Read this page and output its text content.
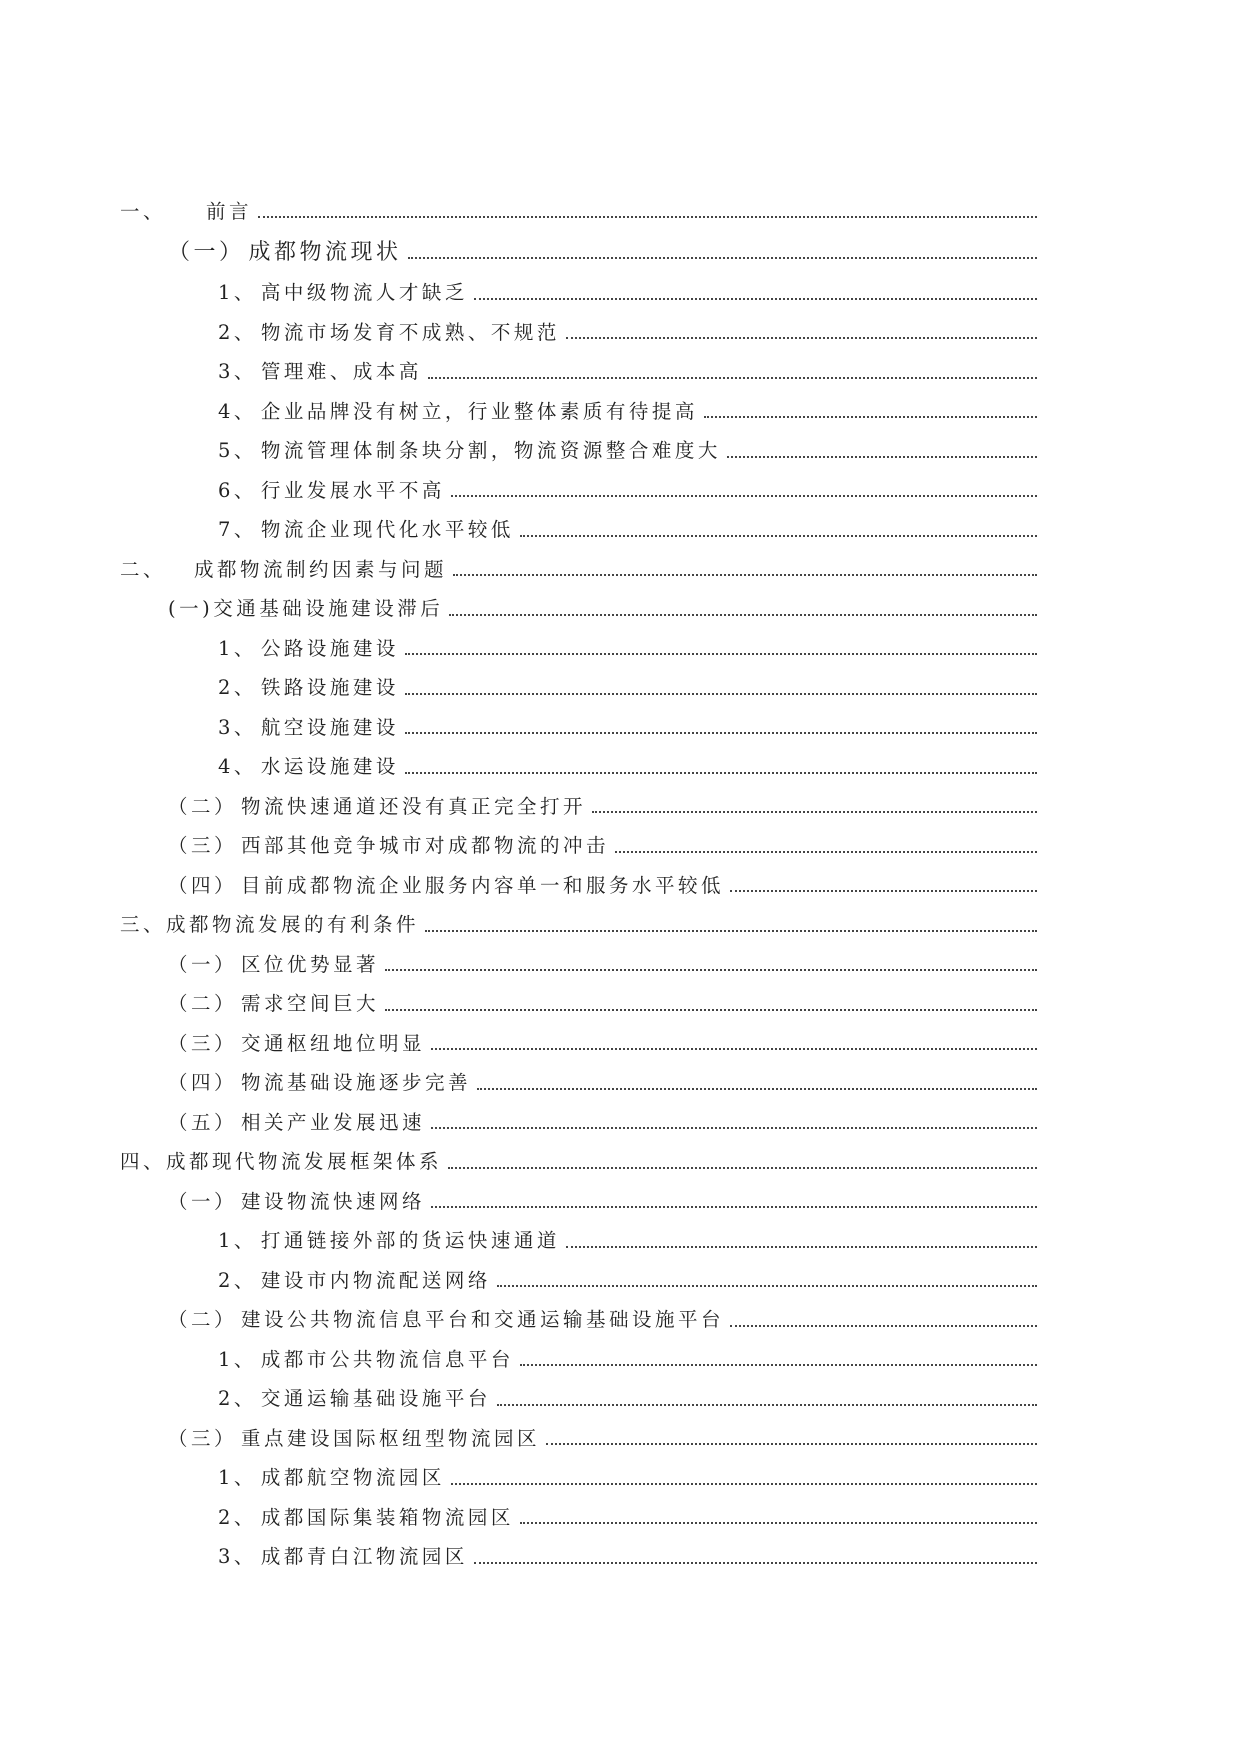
一、 前言
（一） 成都物流现状
1、 高中级物流人才缺乏
2、 物流市场发育不成熟、不规范
3、 管理难、成本高
4、 企业品牌没有树立，行业整体素质有待提高
5、 物流管理体制条块分割，物流资源整合难度大
6、 行业发展水平不高
7、 物流企业现代化水平较低
二、 成都物流制约因素与问题
(一)交通基础设施建设滞后
1、 公路设施建设
2、 铁路设施建设
3、 航空设施建设
4、 水运设施建设
（二） 物流快速通道还没有真正完全打开
（三） 西部其他竞争城市对成都物流的冲击
（四） 目前成都物流企业服务内容单一和服务水平较低
三、成都物流发展的有利条件
（一） 区位优势显著
（二） 需求空间巨大
（三） 交通枢纽地位明显
（四） 物流基础设施逐步完善
（五） 相关产业发展迅速
四、成都现代物流发展框架体系
（一） 建设物流快速网络
1、 打通链接外部的货运快速通道
2、 建设市内物流配送网络
（二） 建设公共物流信息平台和交通运输基础设施平台
1、 成都市公共物流信息平台
2、 交通运输基础设施平台
（三） 重点建设国际枢纽型物流园区
1、 成都航空物流园区
2、 成都国际集装箱物流园区
3、 成都青白江物流园区
